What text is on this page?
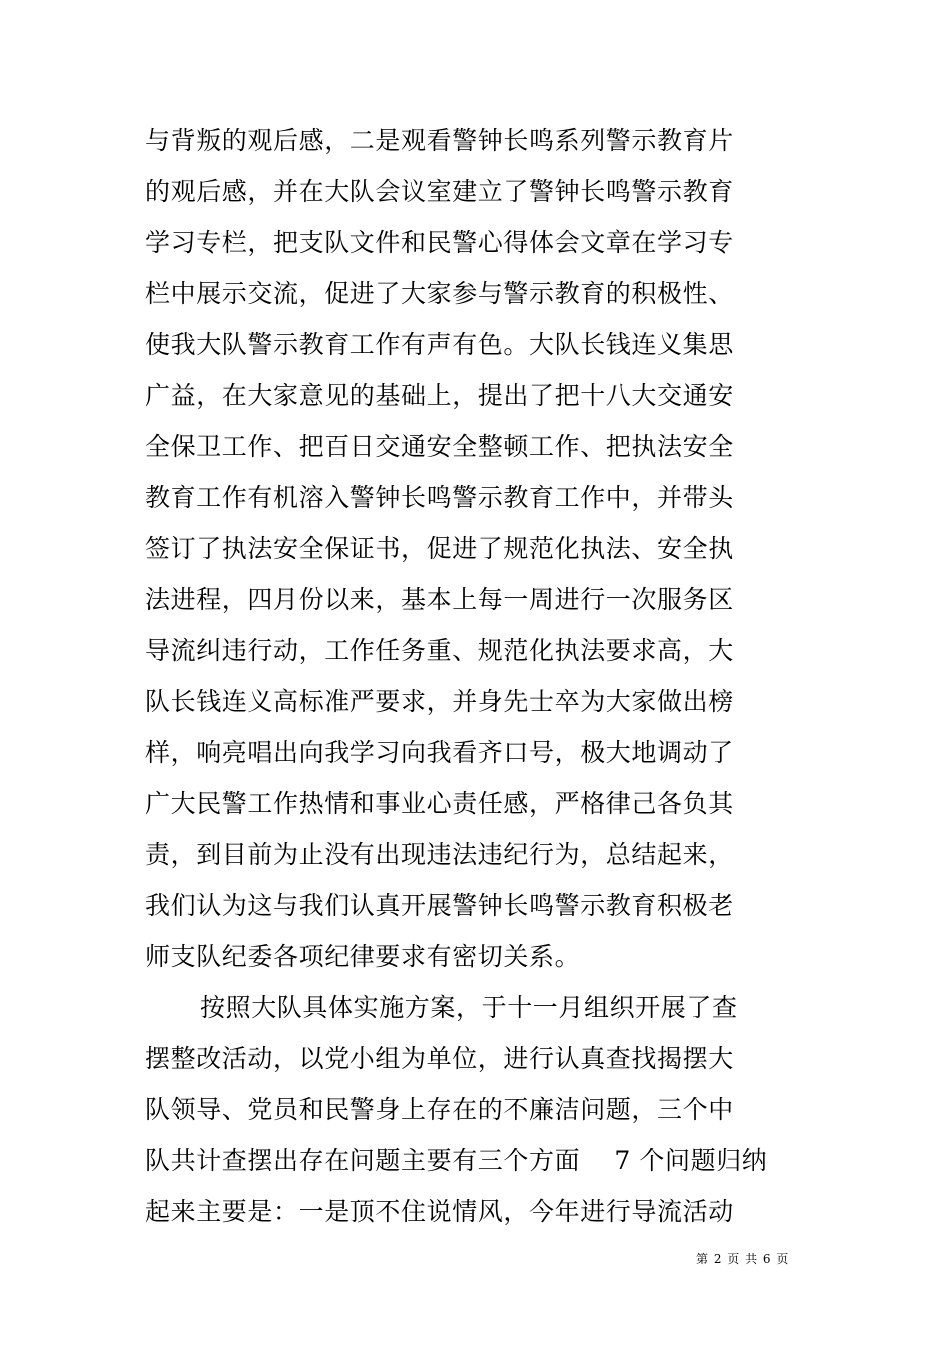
与背叛的观后感，二是观看警钟长鸣系列警示教育片
的观后感，并在大队会议室建立了警钟长鸣警示教育
学习专栏，把支队文件和民警心得体会文章在学习专
栏中展示交流，促进了大家参与警示教育的积极性、
使我大队警示教育工作有声有色。大队长钱连义集思
广益，在大家意见的基础上，提出了把十八大交通安
全保卫工作、把百日交通安全整顿工作、把执法安全
教育工作有机溶入警钟长鸣警示教育工作中，并带头
签订了执法安全保证书，促进了规范化执法、安全执
法进程，四月份以来，基本上每一周进行一次服务区
导流纠违行动，工作任务重、规范化执法要求高，大
队长钱连义高标准严要求，并身先士卒为大家做出榜
样，响亮唱出向我学习向我看齐口号，极大地调动了
广大民警工作热情和事业心责任感，严格律己各负其
责，到目前为止没有出现违法违纪行为，总结起来，
我们认为这与我们认真开展警钟长鸣警示教育积极老
师支队纪委各项纪律要求有密切关系。
按照大队具体实施方案，于十一月组织开展了查
摆整改活动，以党小组为单位，进行认真查找揭摆大
队领导、党员和民警身上存在的不廉洁问题，三个中
队共计查摆出存在问题主要有三个方面　 7 个问题归纳
起来主要是：一是顶不住说情风，今年进行导流活动
第 2 页 共 6 页
